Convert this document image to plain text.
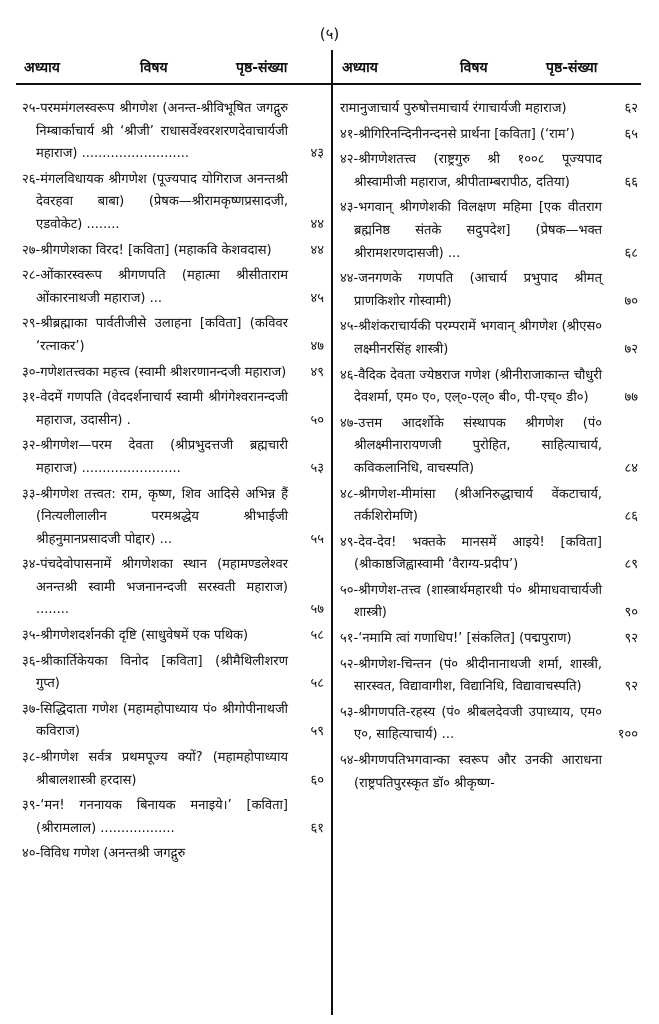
(५)
अध्याय	विषय	पृष्ठ-संख्या	अध्याय	विषय	पृष्ठ-संख्या
२५-परममंगलस्वरूप श्रीगणेश (अनन्त-श्रीविभूषित जगद्गुरु निम्बार्काचार्य श्री ‘श्रीजी’ राधासर्वेश्वरशरणदेवाचार्यजी महाराज) ..........................	४३
२६-मंगलविधायक श्रीगणेश (पूज्यपाद योगिराज अनन्तश्री देवरहवा बाबा) (प्रेषक—श्रीरामकृष्णप्रसादजी, एडवोकेट) ........	४४
२७-श्रीगणेशका विरद! [कविता] (महाकवि केशवदास)	४४
२८-ओंकारस्वरूप श्रीगणपति (महात्मा श्रीसीताराम ओंकारनाथजी महाराज) ...	४५
२९-श्रीब्रह्माका पार्वतीजीसे उलाहना [कविता] (कविवर ‘रत्नाकर’)	४७
३०-गणेशतत्त्वका महत्त्व (स्वामी श्रीशरणानन्दजी महाराज)	४९
३१-वेदमें गणपति (वेददर्शनाचार्य स्वामी श्रीगंगेश्वरानन्दजी महाराज, उदासीन) .	५०
३२-श्रीगणेश—परम देवता (श्रीप्रभुदत्तजी ब्रह्मचारी महाराज) ........................	५३
३३-श्रीगणेश तत्त्वत: राम, कृष्ण, शिव आदिसे अभिन्न हैं (नित्यलीलालीन परमश्रद्धेय श्रीभाईजी श्रीहनुमानप्रसादजी पोद्दार) ...	५५
३४-पंचदेवोपासनामें श्रीगणेशका स्थान (महामण्डलेश्वर अनन्तश्री स्वामी भजनानन्दजी सरस्वती महाराज) ........	५७
३५-श्रीगणेशदर्शनकी दृष्टि (साधुवेषमें एक पथिक)	५८
३६-श्रीकार्तिकेयका विनोद [कविता] (श्रीमैथिलीशरण गुप्त)	५८
३७-सिद्धिदाता गणेश (महामहोपाध्याय पं० श्रीगोपीनाथजी कविराज)	५९
३८-श्रीगणेश सर्वत्र प्रथमपूज्य क्यों? (महामहोपाध्याय श्रीबालशास्त्री हरदास)	६०
३९-‘मन! गननायक बिनायक मनाइये।’ [कविता] (श्रीरामलाल) ..................	६१
४०-विविध गणेश (अनन्तश्री जगद्गुरु
रामानुजाचार्य पुरुषोत्तमाचार्य रंगाचार्यजी महाराज)	६२
४१-श्रीगिरिनन्दिनीनन्दनसे प्रार्थना [कविता] (‘राम’)	६५
४२-श्रीगणेशतत्त्व (राष्ट्रगुरु श्री १००८ पूज्यपाद श्रीस्वामीजी महाराज, श्रीपीताम्बरापीठ, दतिया)	६६
४३-भगवान् श्रीगणेशकी विलक्षण महिमा [एक वीतराग ब्रह्मनिष्ठ संतके सदुपदेश] (प्रेषक—भक्त श्रीरामशरणदासजी) ...	६८
४४-जनगणके गणपति (आचार्य प्रभुपाद श्रीमत् प्राणकिशोर गोस्वामी)	७०
४५-श्रीशंकराचार्यकी परम्परामें भगवान् श्रीगणेश (श्रीएस० लक्ष्मीनरसिंह शास्त्री)	७२
४६-वैदिक देवता ज्येष्ठराज गणेश (श्रीनीराजाकान्त चौधुरी देवशर्मा, एम० ए०, एल्०-एल्० बी०, पी-एच्० डी०)	७७
४७-उत्तम आदर्शोके संस्थापक श्रीगणेश (पं० श्रीलक्ष्मीनारायणजी पुरोहित, साहित्याचार्य, कविकलानिधि, वाचस्पति)	८४
४८-श्रीगणेश-मीमांसा (श्रीअनिरुद्धाचार्य वेंकटाचार्य, तर्कशिरोमणि)	८६
४९-देव-देव! भक्तके मानसमें आइये! [कविता] (श्रीकाष्ठजिह्वास्वामी ‘वैराग्य-प्रदीप’)	८९
५०-श्रीगणेश-तत्त्व (शास्त्रार्थमहारथी पं० श्रीमाधवाचार्यजी शास्त्री)	९०
५१-‘नमामि त्वां गणाधिप!’ [संकलित] (पद्मपुराण)	९२
५२-श्रीगणेश-चिन्तन (पं० श्रीदीनानाथजी शर्मा, शास्त्री, सारस्वत, विद्यावागीश, विद्यानिधि, विद्यावाचस्पति)	९२
५३-श्रीगणपति-रहस्य (पं० श्रीबलदेवजी उपाध्याय, एम० ए०, साहित्याचार्य) ...	१००
५४-श्रीगणपतिभगवान्का स्वरूप और उनकी आराधना (राष्ट्रपतिपुरस्कृत डॉ० श्रीकृष्ण-
